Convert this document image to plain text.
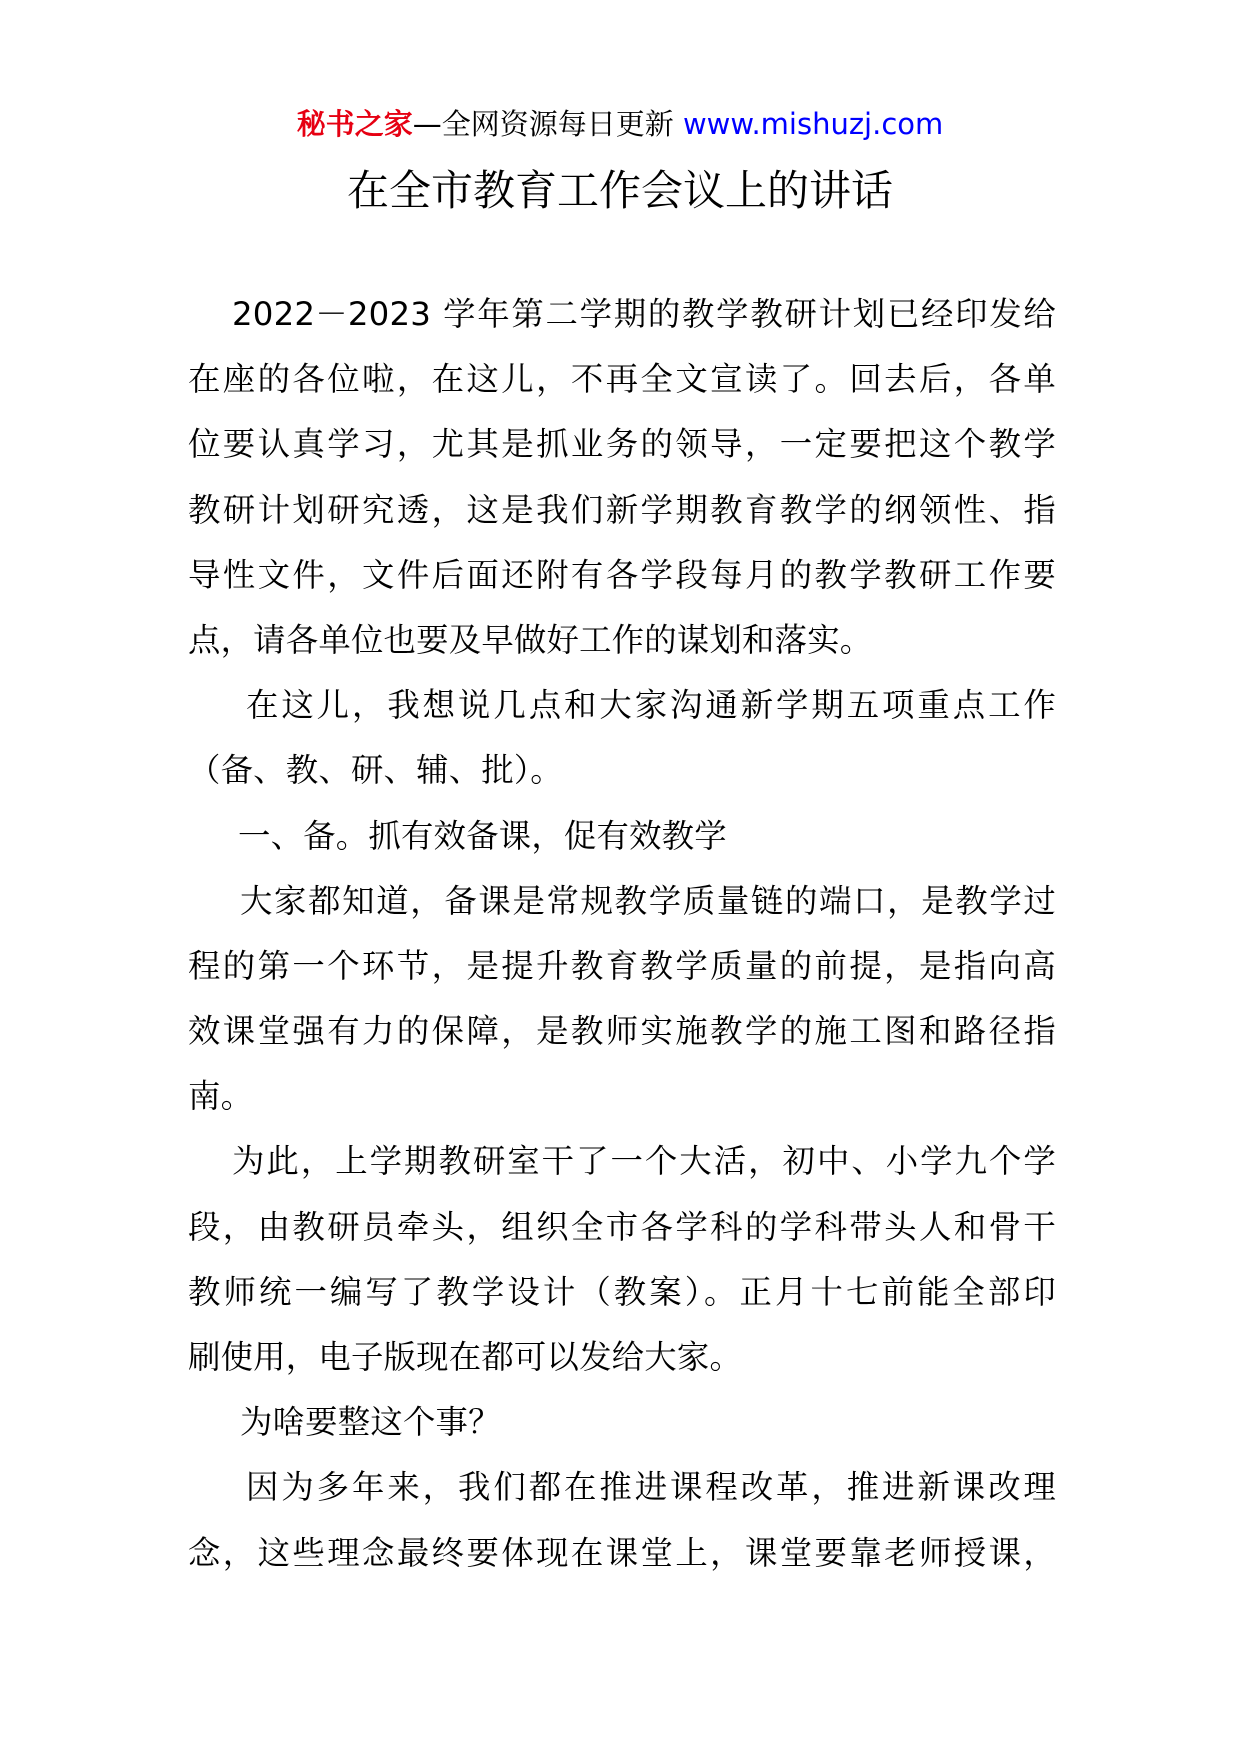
秘书之家—全网资源每日更新 www.mishuzj.com
在全市教育工作会议上的讲话
2022－2023 学年第二学期的教学教研计划已经印发给
在座的各位啦，在这儿，不再全文宣读了。回去后，各单
位要认真学习，尤其是抓业务的领导，一定要把这个教学
教研计划研究透，这是我们新学期教育教学的纲领性、指
导性文件，文件后面还附有各学段每月的教学教研工作要
点，请各单位也要及早做好工作的谋划和落实。
在这儿，我想说几点和大家沟通新学期五项重点工作
（备、教、研、辅、批）。
一、备。抓有效备课，促有效教学
大家都知道，备课是常规教学质量链的端口，是教学过
程的第一个环节，是提升教育教学质量的前提，是指向高
效课堂强有力的保障，是教师实施教学的施工图和路径指
南。
为此，上学期教研室干了一个大活，初中、小学九个学
段，由教研员牵头，组织全市各学科的学科带头人和骨干
教师统一编写了教学设计（教案）。正月十七前能全部印
刷使用，电子版现在都可以发给大家。
为啥要整这个事？
因为多年来，我们都在推进课程改革，推进新课改理
念，这些理念最终要体现在课堂上，课堂要靠老师授课，
